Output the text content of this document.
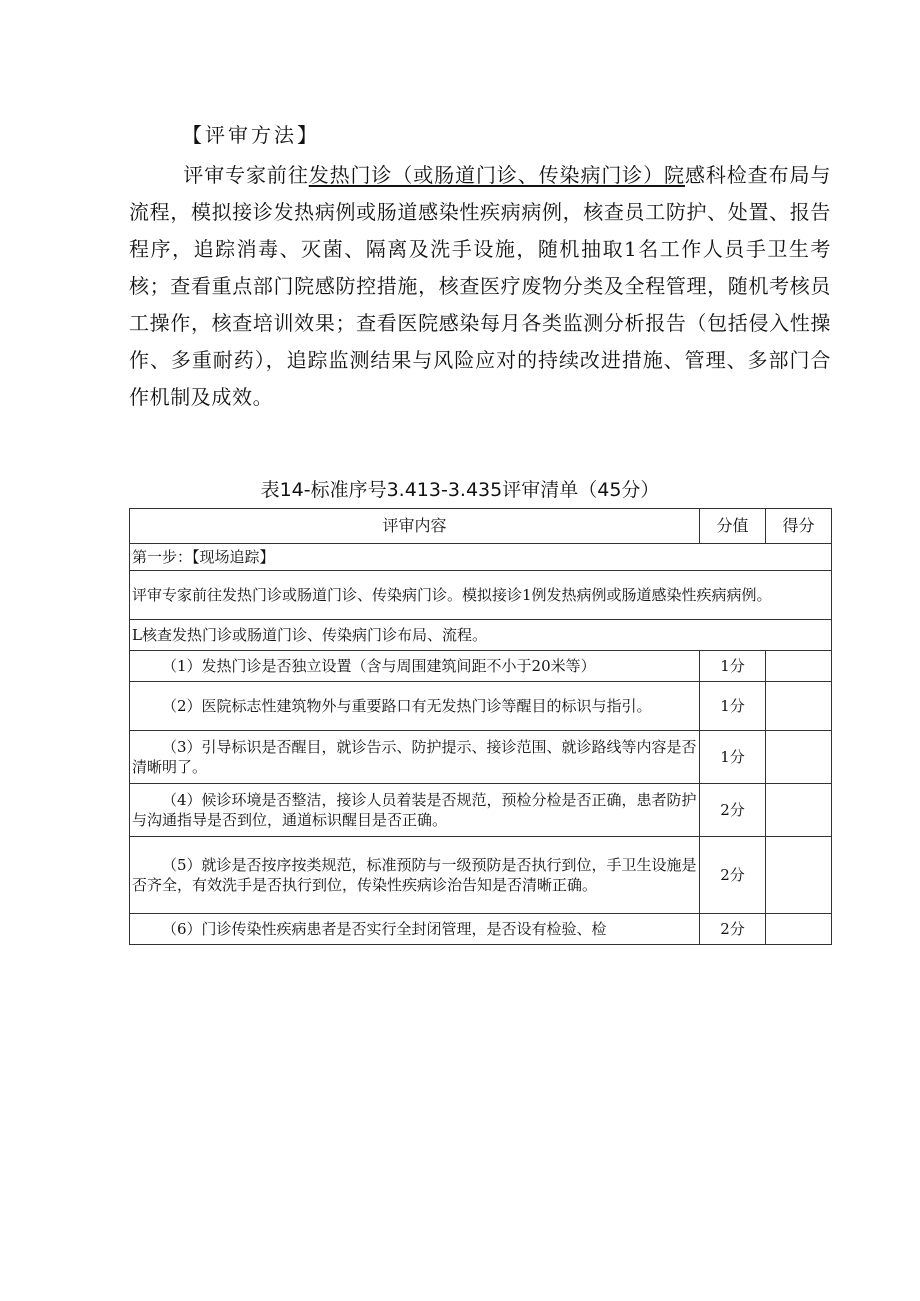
【评审方法】
评审专家前往发热门诊（或肠道门诊、传染病门诊）院感科检查布局与流程，模拟接诊发热病例或肠道感染性疾病病例，核查员工防护、处置、报告程序，追踪消毒、灭菌、隔离及洗手设施，随机抽取1名工作人员手卫生考核；查看重点部门院感防控措施，核查医疗废物分类及全程管理，随机考核员工操作，核查培训效果；查看医院感染每月各类监测分析报告（包括侵入性操作、多重耐药），追踪监测结果与风险应对的持续改进措施、管理、多部门合作机制及成效。
表14-标准序号3.413-3.435评审清单（45分）
评审内容	分值	得分
第一步：【现场追踪】		
评审专家前往发热门诊或肠道门诊、传染病门诊。模拟接诊1例发热病例或肠道感染性疾病病例。		
L核查发热门诊或肠道门诊、传染病门诊布局、流程。		

（1）发热门诊是否独立设置（含与周围建筑间距不小于20米等）	1分	
（2）医院标志性建筑物外与重要路口有无发热门诊等醒目的标识与指引。	1分	
（3）引导标识是否醒目，就诊告示、防护提示、接诊范围、就诊路线等内容是否清晰明了。	1分	
（4）候诊环境是否整洁，接诊人员着装是否规范，预检分检是否正确，患者防护与沟通指导是否到位，通道标识醒目是否正确。	2分	
（5）就诊是否按序按类规范，标准预防与一级预防是否执行到位，手卫生设施是否齐全，有效洗手是否执行到位，传染性疾病诊治告知是否清晰正确。	2分	

（6）门诊传染性疾病患者是否实行全封闭管理，是否设有检验、检	2分	
